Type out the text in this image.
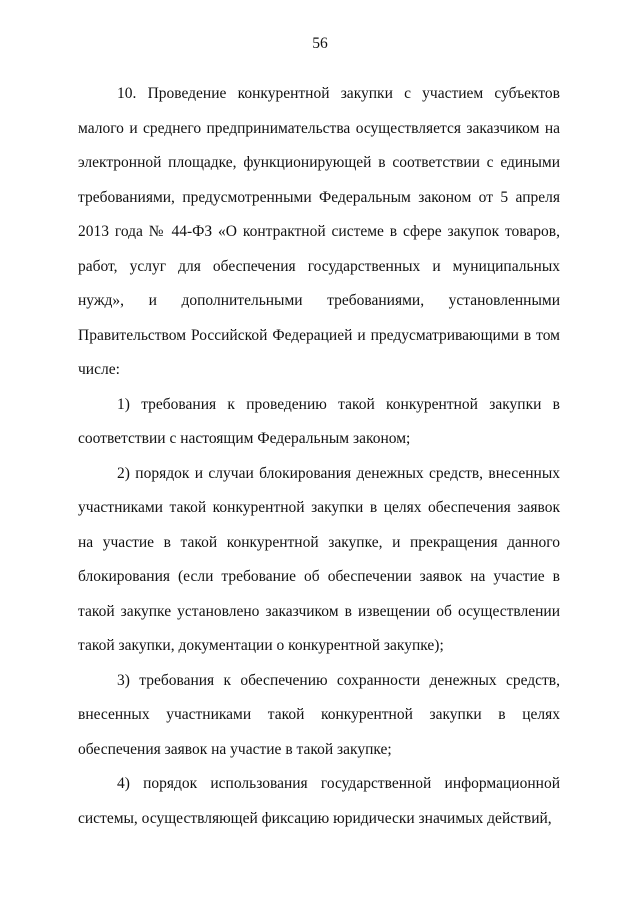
56

10. Проведение конкурентной закупки с участием субъектов малого и среднего предпринимательства осуществляется заказчиком на электронной площадке, функционирующей в соответствии с едиными требованиями, предусмотренными Федеральным законом от 5 апреля 2013 года № 44-ФЗ «О контрактной системе в сфере закупок товаров, работ, услуг для обеспечения государственных и муниципальных нужд», и дополнительными требованиями, установленными Правительством Российской Федерацией и предусматривающими в том числе:

1) требования к проведению такой конкурентной закупки в соответствии с настоящим Федеральным законом;

2) порядок и случаи блокирования денежных средств, внесенных участниками такой конкурентной закупки в целях обеспечения заявок на участие в такой конкурентной закупке, и прекращения данного блокирования (если требование об обеспечении заявок на участие в такой закупке установлено заказчиком в извещении об осуществлении такой закупки, документации о конкурентной закупке);

3) требования к обеспечению сохранности денежных средств, внесенных участниками такой конкурентной закупки в целях обеспечения заявок на участие в такой закупке;

4) порядок использования государственной информационной системы, осуществляющей фиксацию юридически значимых действий,
